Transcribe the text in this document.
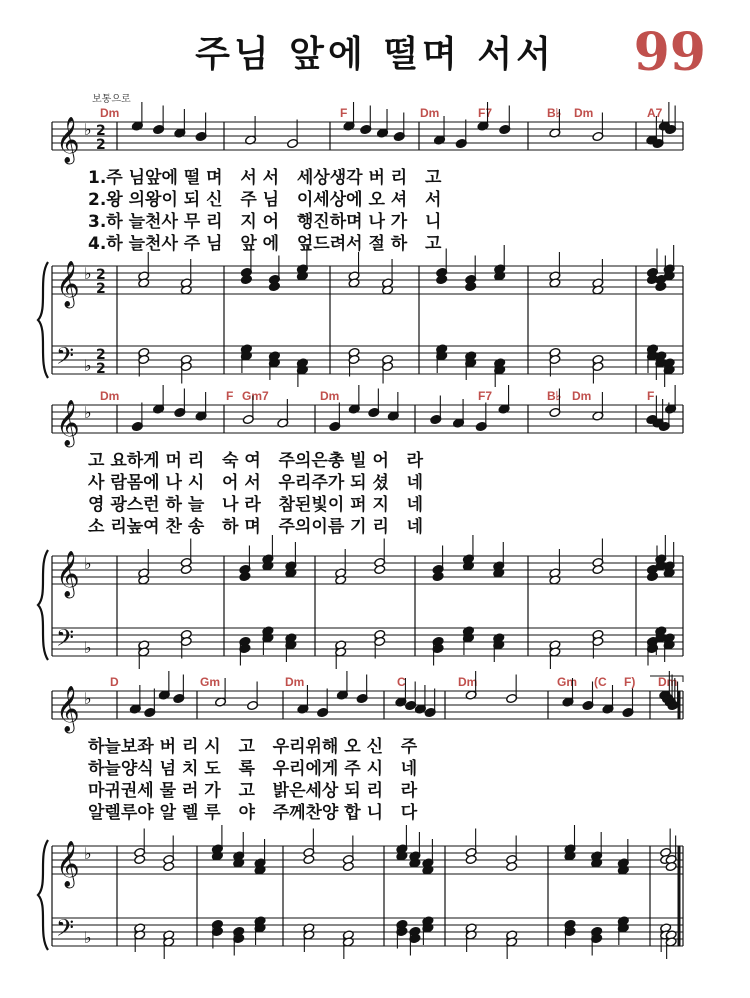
주님 앞에 떨며 서서	99
보통으로
Dm	F	Dm	F7	B♭ Dm	A7
𝄞 ♭ 2
2
1.주 님앞에 떨 며   서 서   세상생각 버 리   고
2.왕 의왕이 되 신   주 님   이세상에 오 셔   서
3.하 늘천사 무 리   지 어   행진하며 나 가   니
4.하 늘천사 주 님   앞 에   엎드려서 절 하   고
𝄞 ♭ 2
2
𝄢 ♭
2
2
Dm	F Gm7	Dm	F7	B♭ Dm	F
𝄞 ♭
고 요하게 머 리   숙 여   주의은총 빌 어   라
사 람몸에 나 시   어 서   우리주가 되 셨   네
영 광스런 하 늘   나 라   참된빛이 퍼 지   네
소 리높여 찬 송   하 며   주의이름 기 리   네
𝄞 ♭
𝄢 ♭
D	Gm	Dm	C	Dm	Gm (C F) Dm
𝄞 ♭
하늘보좌 버 리 시   고   우리위해 오 신   주
하늘양식 넘 치 도   록   우리에게 주 시   네
마귀권세 물 러 가   고   밝은세상 되 리   라
알렐루야 알 렐 루   야   주께찬양 합 니   다
𝄞 ♭
𝄢 ♭
